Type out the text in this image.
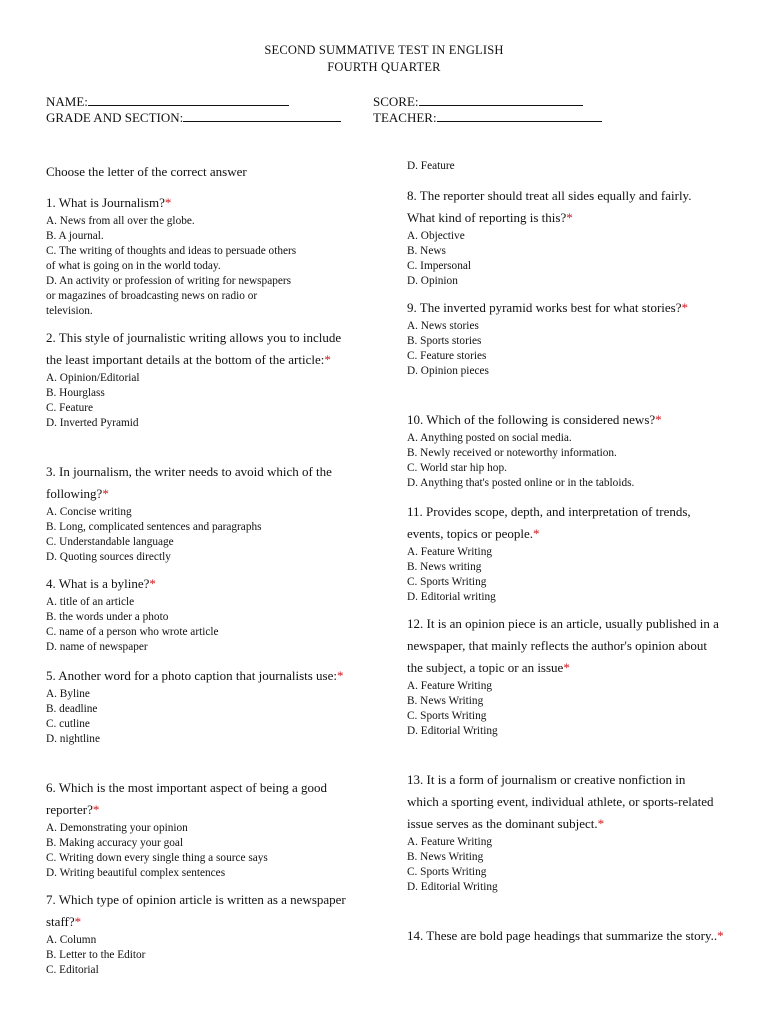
SECOND SUMMATIVE TEST IN ENGLISH
FOURTH QUARTER
NAME:	SCORE:
GRADE AND SECTION:	TEACHER:
Choose the letter of the correct answer
1. What is Journalism?*
A. News from all over the globe.
B. A journal.
C. The writing of thoughts and ideas to persuade others
of what is going on in the world today.
D. An activity or profession of writing for newspapers
or magazines of broadcasting news on radio or
television.
2. This style of journalistic writing allows you to include the least important details at the bottom of the article:*
A. Opinion/Editorial
B. Hourglass
C. Feature
D. Inverted Pyramid
3. In journalism, the writer needs to avoid which of the following?*
A. Concise writing
B. Long, complicated sentences and paragraphs
C. Understandable language
D. Quoting sources directly
4. What is a byline?*
A. title of an article
B. the words under a photo
C. name of a person who wrote article
D. name of newspaper
5. Another word for a photo caption that journalists use:*
A. Byline
B. deadline
C. cutline
D. nightline
6. Which is the most important aspect of being a good reporter?*
A. Demonstrating your opinion
B. Making accuracy your goal
C. Writing down every single thing a source says
D. Writing beautiful complex sentences
7. Which type of opinion article is written as a newspaper staff?*
A. Column
B. Letter to the Editor
C. Editorial
D. Feature
8. The reporter should treat all sides equally and fairly. What kind of reporting is this?*
A. Objective
B. News
C. Impersonal
D. Opinion
9. The inverted pyramid works best for what stories?*
A. News stories
B. Sports stories
C. Feature stories
D. Opinion pieces
10. Which of the following is considered news?*
A. Anything posted on social media.
B. Newly received or noteworthy information.
C. World star hip hop.
D. Anything that's posted online or in the tabloids.
11. Provides scope, depth, and interpretation of trends, events, topics or people.*
A. Feature Writing
B. News writing
C. Sports Writing
D. Editorial writing
12. It is an opinion piece is an article, usually published in a newspaper, that mainly reflects the author's opinion about the subject, a topic or an issue*
A. Feature Writing
B. News Writing
C. Sports Writing
D. Editorial Writing
13. It is a form of journalism or creative nonfiction in which a sporting event, individual athlete, or sports-related issue serves as the dominant subject.*
A. Feature Writing
B. News Writing
C. Sports Writing
D. Editorial Writing
14. These are bold page headings that summarize the story..*
